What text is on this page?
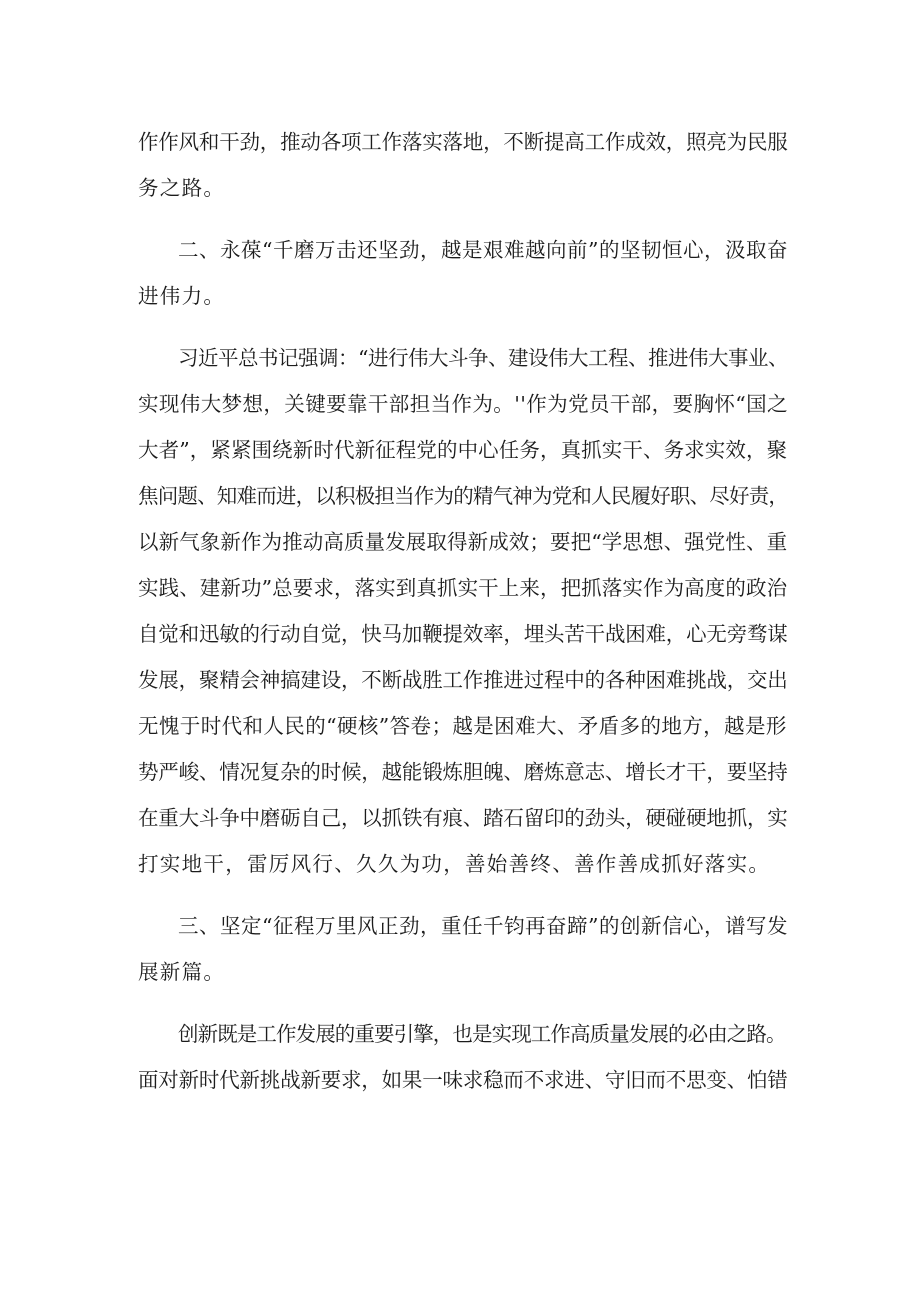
作作风和干劲，推动各项工作落实落地，不断提高工作成效，照亮为民服
务之路。
二、永葆“千磨万击还坚劲，越是艰难越向前”的坚韧恒心，汲取奋
进伟力。
习近平总书记强调：“进行伟大斗争、建设伟大工程、推进伟大事业、
实现伟大梦想，关键要靠干部担当作为。''作为党员干部，要胸怀“国之
大者”，紧紧围绕新时代新征程党的中心任务，真抓实干、务求实效，聚
焦问题、知难而进，以积极担当作为的精气神为党和人民履好职、尽好责，
以新气象新作为推动高质量发展取得新成效；要把“学思想、强党性、重
实践、建新功”总要求，落实到真抓实干上来，把抓落实作为高度的政治
自觉和迅敏的行动自觉，快马加鞭提效率，埋头苦干战困难，心无旁骛谋
发展，聚精会神搞建设，不断战胜工作推进过程中的各种困难挑战，交出
无愧于时代和人民的“硬核”答卷；越是困难大、矛盾多的地方，越是形
势严峻、情况复杂的时候，越能锻炼胆魄、磨炼意志、增长才干，要坚持
在重大斗争中磨砺自己，以抓铁有痕、踏石留印的劲头，硬碰硬地抓，实
打实地干，雷厉风行、久久为功，善始善终、善作善成抓好落实。
三、坚定“征程万里风正劲，重任千钧再奋蹄”的创新信心，谱写发
展新篇。
创新既是工作发展的重要引擎，也是实现工作高质量发展的必由之路。
面对新时代新挑战新要求，如果一味求稳而不求进、守旧而不思变、怕错
